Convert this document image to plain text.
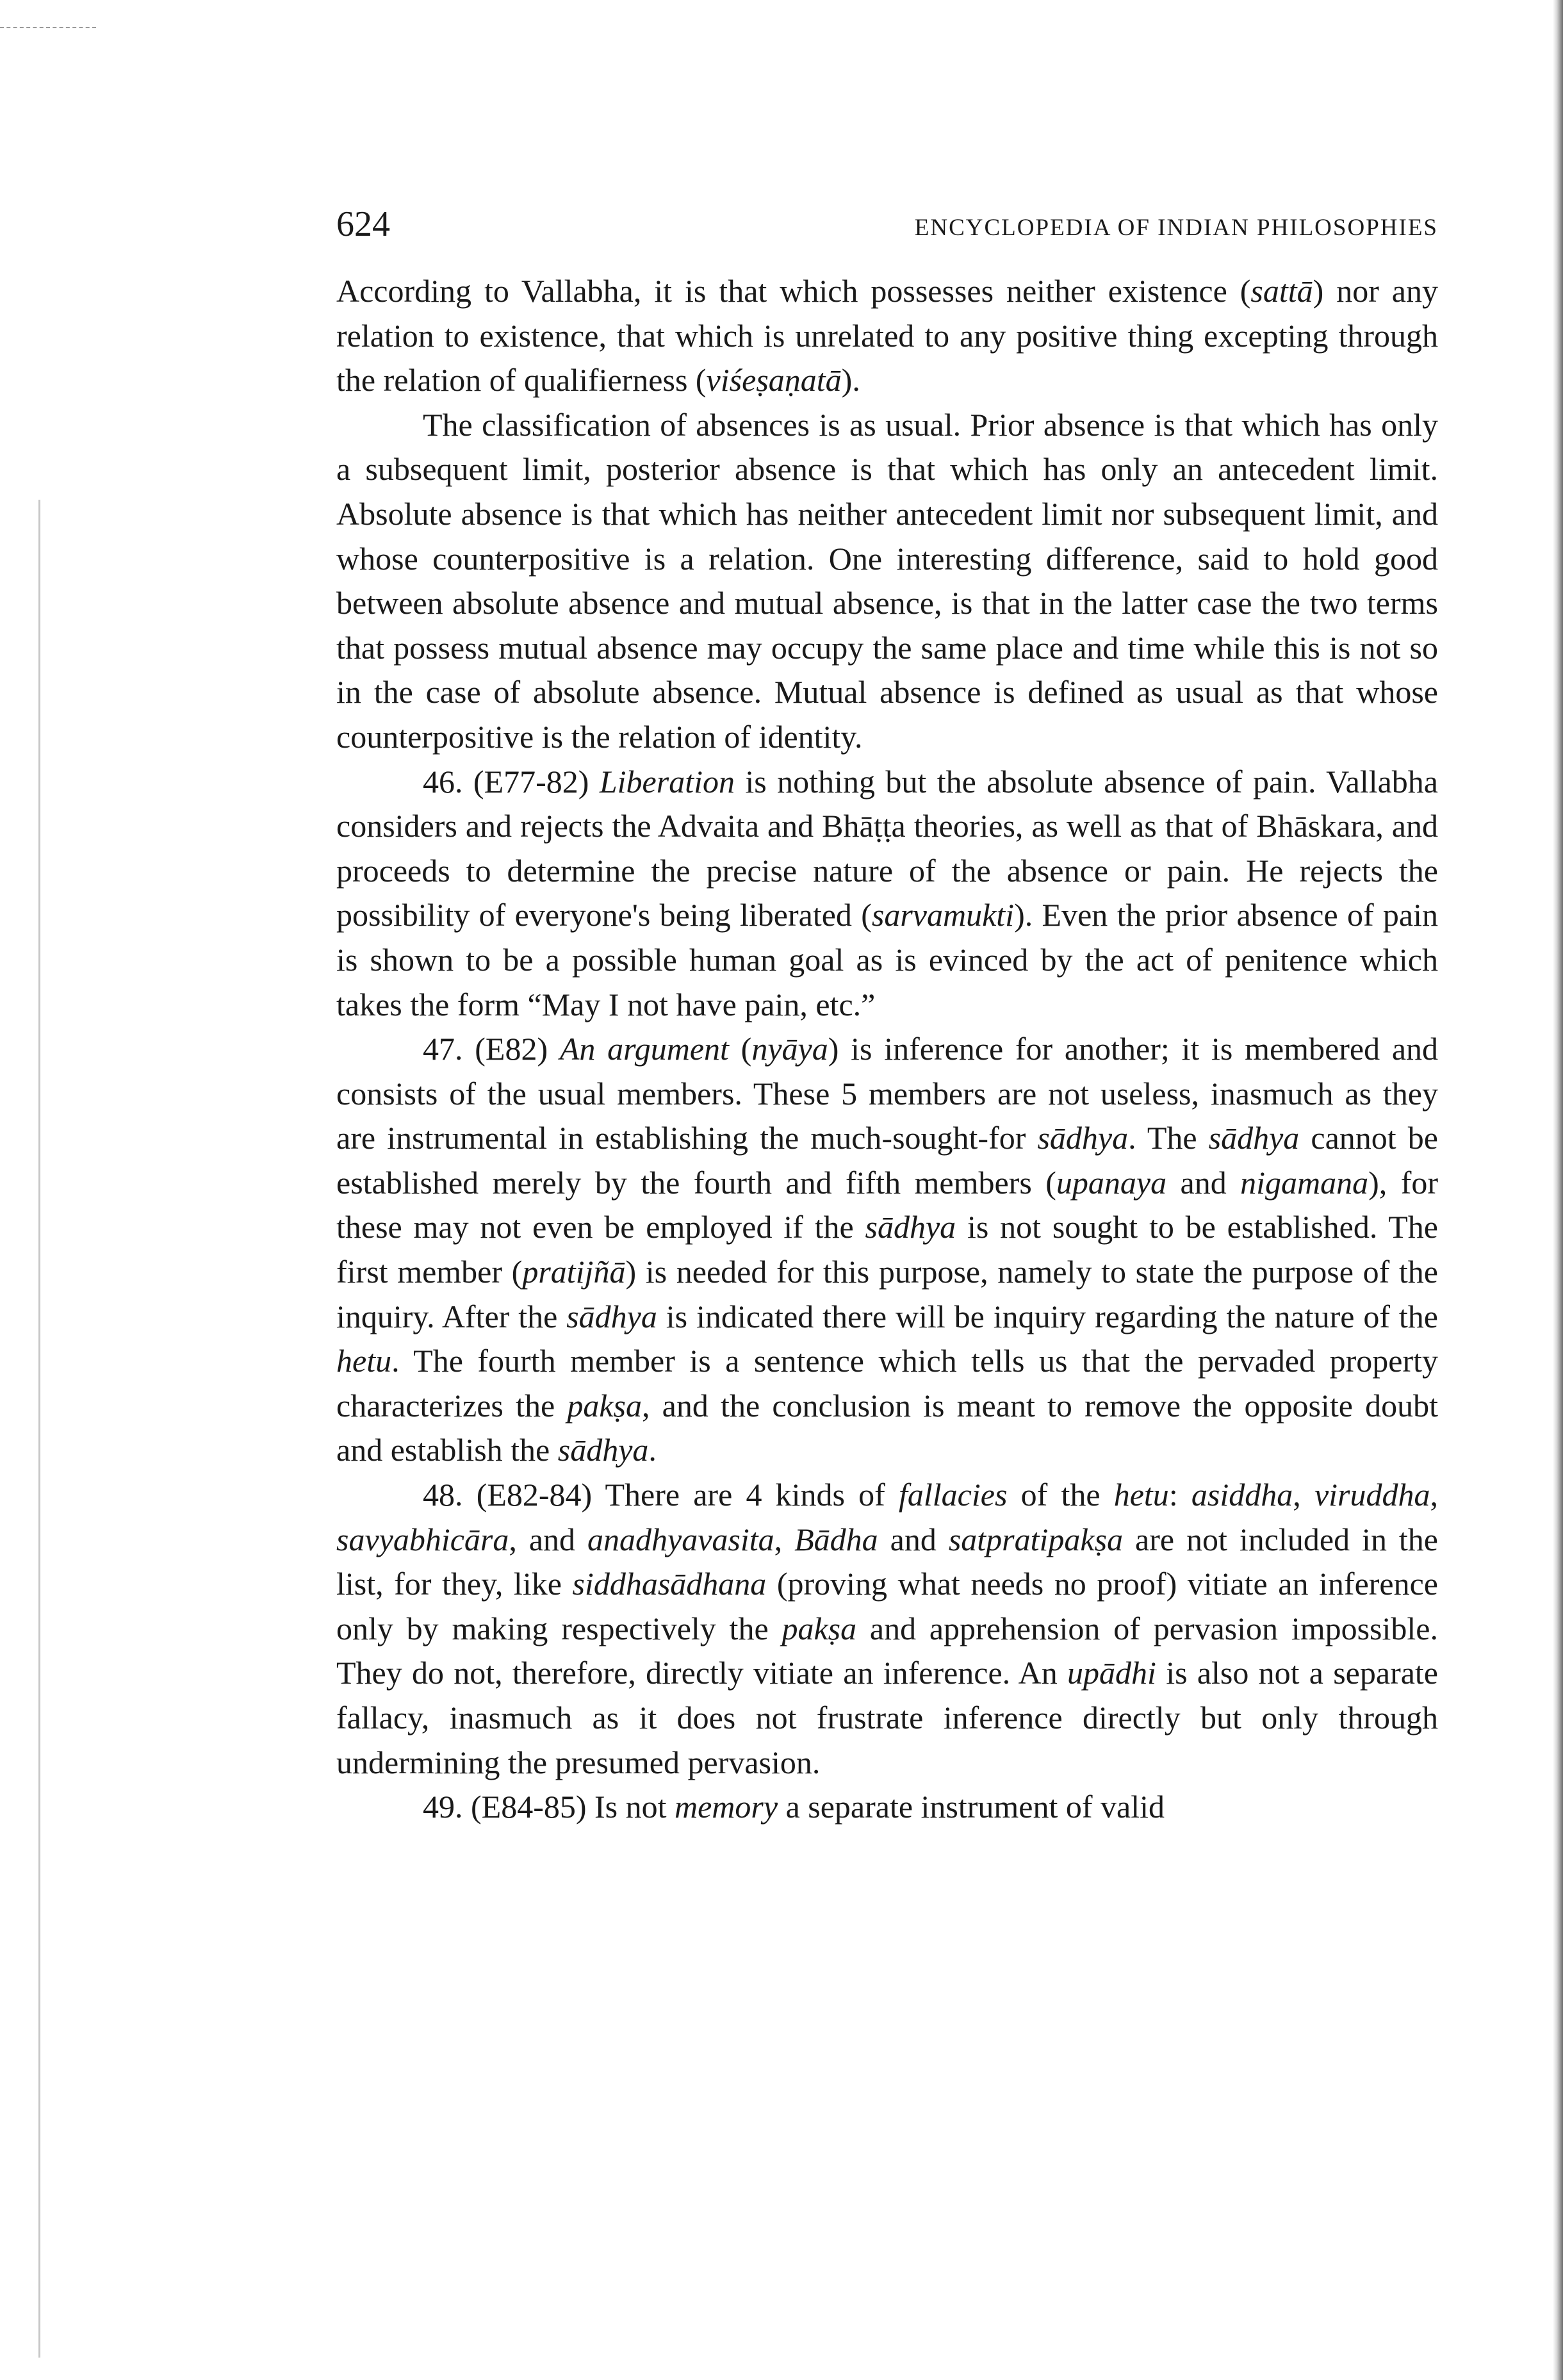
624	ENCYCLOPEDIA OF INDIAN PHILOSOPHIES

According to Vallabha, it is that which possesses neither existence (sattā) nor any relation to existence, that which is unrelated to any positive thing excepting through the relation of qualifierness (viśeṣaṇatā).

The classification of absences is as usual. Prior absence is that which has only a subsequent limit, posterior absence is that which has only an antecedent limit. Absolute absence is that which has neither antecedent limit nor subsequent limit, and whose counterpositive is a relation. One interesting difference, said to hold good between absolute absence and mutual absence, is that in the latter case the two terms that possess mutual absence may occupy the same place and time while this is not so in the case of absolute absence. Mutual absence is defined as usual as that whose counterpositive is the relation of identity.

46. (E77-82) Liberation is nothing but the absolute absence of pain. Vallabha considers and rejects the Advaita and Bhāṭṭa theories, as well as that of Bhāskara, and proceeds to determine the precise nature of the absence or pain. He rejects the possibility of everyone's being liberated (sarvamukti). Even the prior absence of pain is shown to be a possible human goal as is evinced by the act of penitence which takes the form “May I not have pain, etc.”

47. (E82) An argument (nyāya) is inference for another; it is membered and consists of the usual members. These 5 members are not useless, inasmuch as they are instrumental in establishing the much-sought-for sādhya. The sādhya cannot be established merely by the fourth and fifth members (upanaya and nigamana), for these may not even be employed if the sādhya is not sought to be established. The first member (pratijñā) is needed for this purpose, namely to state the purpose of the inquiry. After the sādhya is indicated there will be inquiry regarding the nature of the hetu. The fourth member is a sentence which tells us that the pervaded property characterizes the pakṣa, and the conclusion is meant to remove the opposite doubt and establish the sādhya.

48. (E82-84) There are 4 kinds of fallacies of the hetu: asiddha, viruddha, savyabhicāra, and anadhyavasita, Bādha and satpratipakṣa are not included in the list, for they, like siddhasādhana (proving what needs no proof) vitiate an inference only by making respectively the pakṣa and apprehension of pervasion impossible. They do not, therefore, directly vitiate an inference. An upādhi is also not a separate fallacy, inasmuch as it does not frustrate inference directly but only through undermining the presumed pervasion.

49. (E84-85) Is not memory a separate instrument of valid
